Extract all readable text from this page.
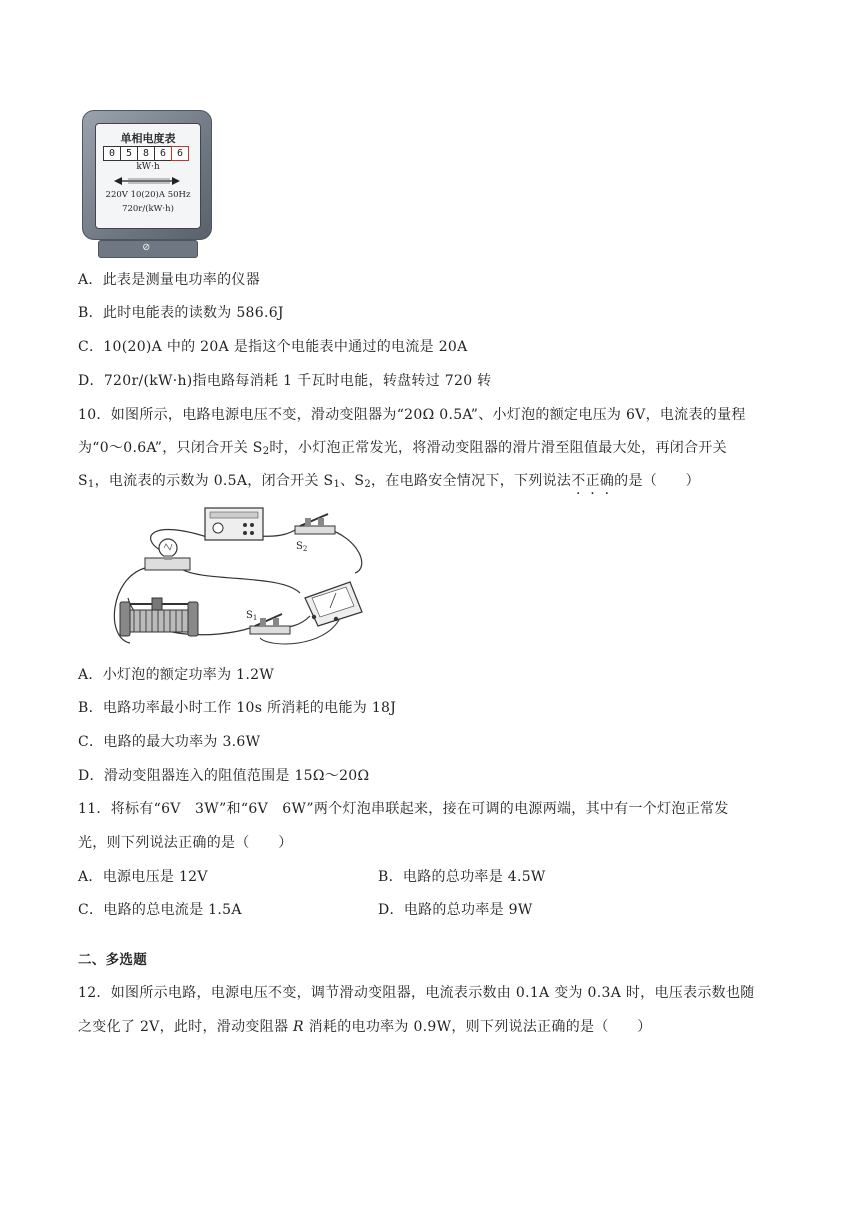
单相电度表
0	5	8	6	6
kW·h
220V 10(20)A 50Hz
720r/(kW·h)
⊘
A．此表是测量电功率的仪器
B．此时电能表的读数为 586.6J
C．10(20)A 中的 20A 是指这个电能表中通过的电流是 20A
D．720r/(kW·h)指电路每消耗 1 千瓦时电能，转盘转过 720 转
10．如图所示，电路电源电压不变，滑动变阻器为“20Ω 0.5A”、小灯泡的额定电压为 6V，电流表的量程
为“0～0.6A”，只闭合开关 $S_2$时，小灯泡正常发光，将滑动变阻器的滑片滑至阻值最大处，再闭合开关
$S_1$，电流表的示数为 0.5A，闭合开关 $S_1$、$S_2$，在电路安全情况下，下列说法不正确的是（　　）
$S_2$
$S_1$
A．小灯泡的额定功率为 1.2W
B．电路功率最小时工作 10s 所消耗的电能为 18J
C．电路的最大功率为 3.6W
D．滑动变阻器连入的阻值范围是 15Ω～20Ω
11．将标有“6V　3W”和“6V　6W”两个灯泡串联起来，接在可调的电源两端，其中有一个灯泡正常发
光，则下列说法正确的是（　　）
A．电源电压是 12V	B．电路的总功率是 4.5W
C．电路的总电流是 1.5A	D．电路的总功率是 9W
二、多选题
12．如图所示电路，电源电压不变，调节滑动变阻器，电流表示数由 0.1A 变为 0.3A 时，电压表示数也随
之变化了 2V，此时，滑动变阻器 R 消耗的电功率为 0.9W，则下列说法正确的是（　　）
